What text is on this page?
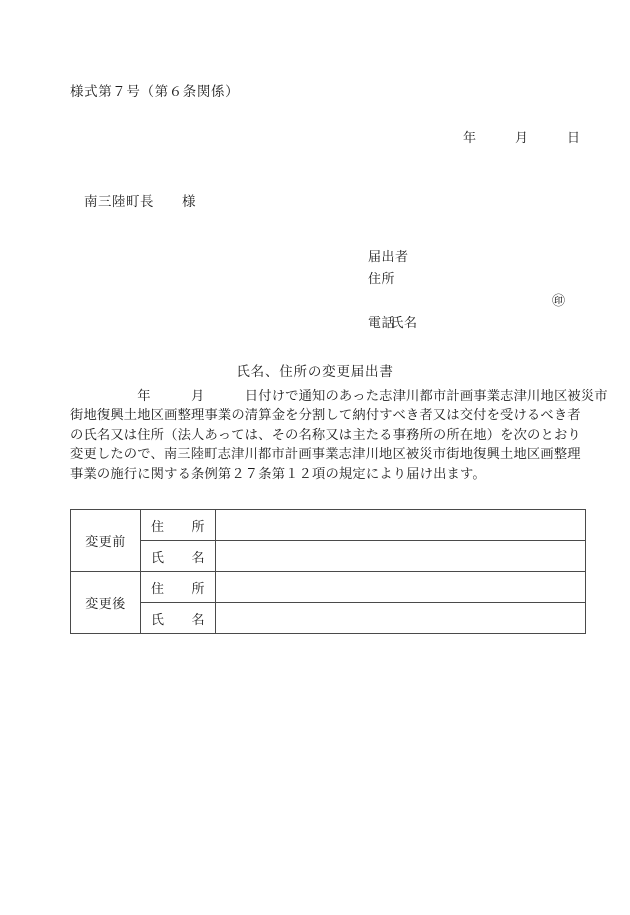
様式第７号（第６条関係）
年　　　月　　　日
南三陸町長　　様
届出者
住所

氏名

㊞

電話
氏名、住所の変更届出書
　　　　　年　　　月　　　日付けで通知のあった志津川都市計画事業志津川地区被災市
街地復興土地区画整理事業の清算金を分割して納付すべき者又は交付を受けるべき者
の氏名又は住所（法人あっては、その名称又は主たる事務所の所在地）を次のとおり
変更したので、南三陸町志津川都市計画事業志津川地区被災市街地復興土地区画整理
事業の施行に関する条例第２７条第１２項の規定により届け出ます。
変更前	住　　所	
	氏　　名	
変更後	住　　所	
	氏　　名	
